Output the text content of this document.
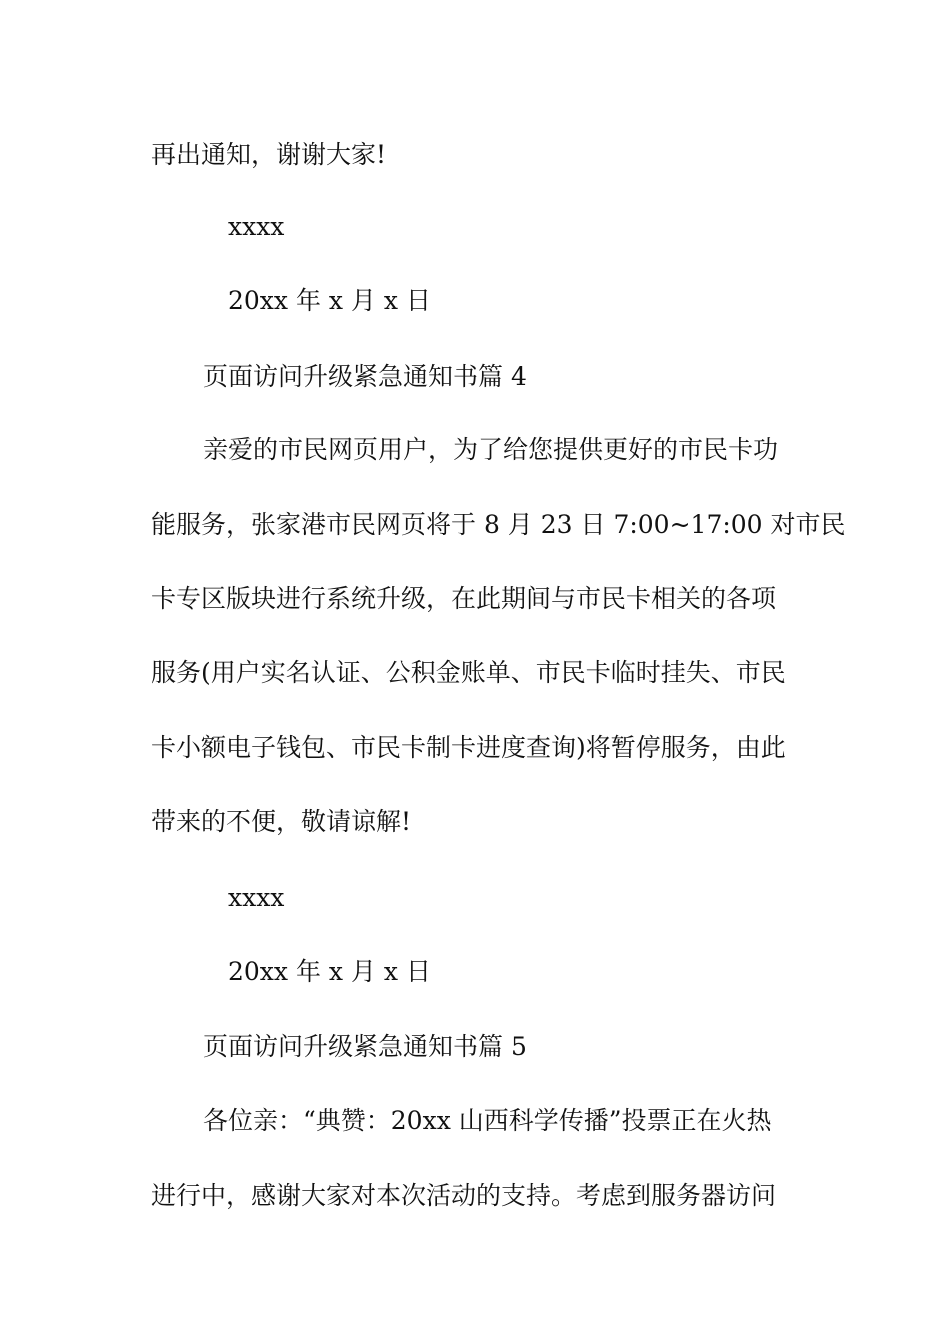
再出通知，谢谢大家!
xxxx
20xx 年 x 月 x 日
页面访问升级紧急通知书篇 4
亲爱的市民网页用户，为了给您提供更好的市民卡功
能服务，张家港市民网页将于 8 月 23 日 7:00~17:00 对市民
卡专区版块进行系统升级，在此期间与市民卡相关的各项
服务(用户实名认证、公积金账单、市民卡临时挂失、市民
卡小额电子钱包、市民卡制卡进度查询)将暂停服务，由此
带来的不便，敬请谅解!
xxxx
20xx 年 x 月 x 日
页面访问升级紧急通知书篇 5
各位亲：“典赞：20xx 山西科学传播”投票正在火热
进行中，感谢大家对本次活动的支持。考虑到服务器访问
